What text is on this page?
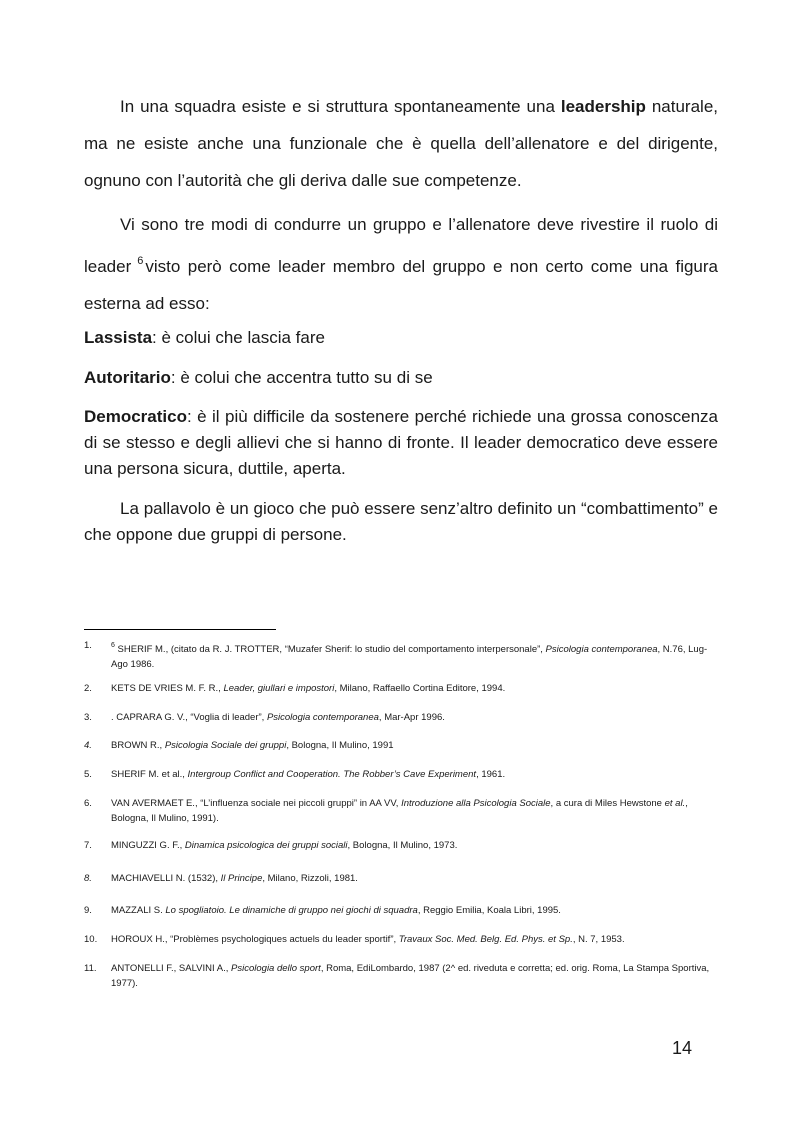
In una squadra esiste e si struttura spontaneamente una leadership naturale, ma ne esiste anche una funzionale che è quella dell’allenatore e del dirigente, ognuno con l’autorità che gli deriva dalle sue competenze.

Vi sono tre modi di condurre un gruppo e l’allenatore deve rivestire il ruolo di leader $^6$ visto però come leader membro del gruppo e non certo come una figura esterna ad esso:

Lassista: è colui che lascia fare

Autoritario: è colui che accentra tutto su di se

Democratico: è il più difficile da sostenere perché richiede una grossa conoscenza di se stesso e degli allievi che si hanno di fronte. Il leader democratico deve essere una persona sicura, duttile, aperta.

La pallavolo è un gioco che può essere senz’altro definito un “combattimento” e che oppone due gruppi di persone.

1.	$^6$ SHERIF M., (citato da R. J. TROTTER, “Muzafer Sherif: lo studio del comportamento interpersonale”, Psicologia contemporanea, N.76, Lug-Ago 1986.
2.	KETS DE VRIES M. F. R., Leader, giullari e impostori, Milano, Raffaello Cortina Editore, 1994.
3.	. CAPRARA G. V., “Voglia di leader”, Psicologia contemporanea, Mar-Apr 1996.
4.	BROWN R., Psicologia Sociale dei gruppi, Bologna, Il Mulino, 1991
5.	SHERIF M. et al., Intergroup Conflict and Cooperation. The Robber’s Cave Experiment, 1961.
6.	VAN AVERMAET E., “L’influenza sociale nei piccoli gruppi” in AA VV, Introduzione alla Psicologia Sociale, a cura di Miles Hewstone et al., Bologna, Il Mulino, 1991).
7.	MINGUZZI G. F., Dinamica psicologica dei gruppi sociali, Bologna, Il Mulino, 1973.
8.	MACHIAVELLI N. (1532), Il Principe, Milano, Rizzoli, 1981.
9.	MAZZALI S. Lo spogliatoio. Le dinamiche di gruppo nei giochi di squadra, Reggio Emilia, Koala Libri, 1995.
10.	HOROUX H., “Problèmes psychologiques actuels du leader sportif”, Travaux Soc. Med. Belg. Ed. Phys. et Sp., N. 7, 1953.
11.	ANTONELLI F., SALVINI A., Psicologia dello sport, Roma, EdiLombardo, 1987 (2^ ed. riveduta e corretta; ed. orig. Roma, La Stampa Sportiva, 1977).
14
